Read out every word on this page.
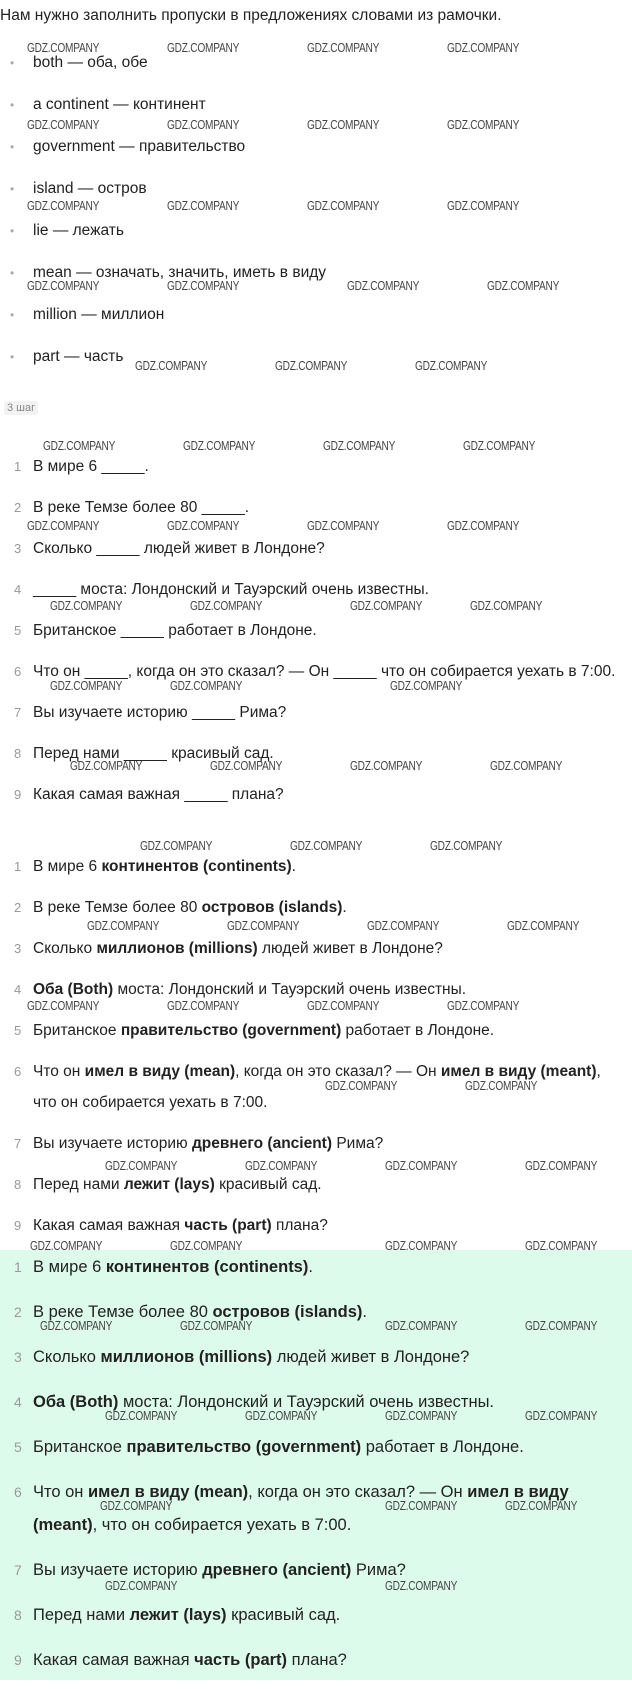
Нам нужно заполнить пропуски в предложениях словами из рамочки.
• both — оба, обе
• a continent — континент
• government — правительство
• island — остров
• lie — лежать
• mean — означать, значить, иметь в виду
• million — миллион
• part — часть
3 шаг
1 В мире 6 _____.
2 В реке Темзе более 80 _____.
3 Сколько _____ людей живет в Лондоне?
4 _____ моста: Лондонский и Тауэрский очень известны.
5 Британское _____ работает в Лондоне.
6 Что он _____, когда он это сказал? — Он _____ что он собирается уехать в 7:00.
7 Вы изучаете историю _____ Рима?
8 Перед нами _____ красивый сад.
9 Какая самая важная _____ плана?
1 В мире 6 континентов (continents).
2 В реке Темзе более 80 островов (islands).
3 Сколько миллионов (millions) людей живет в Лондоне?
4 Оба (Both) моста: Лондонский и Тауэрский очень известны.
5 Британское правительство (government) работает в Лондоне.
6 Что он имел в виду (mean), когда он это сказал? — Он имел в виду (meant), что он собирается уехать в 7:00.
7 Вы изучаете историю древнего (ancient) Рима?
8 Перед нами лежит (lays) красивый сад.
9 Какая самая важная часть (part) плана?
1 В мире 6 континентов (continents).
2 В реке Темзе более 80 островов (islands).
3 Сколько миллионов (millions) людей живет в Лондоне?
4 Оба (Both) моста: Лондонский и Тауэрский очень известны.
5 Британское правительство (government) работает в Лондоне.
6 Что он имел в виду (mean), когда он это сказал? — Он имел в виду (meant), что он собирается уехать в 7:00.
7 Вы изучаете историю древнего (ancient) Рима?
8 Перед нами лежит (lays) красивый сад.
9 Какая самая важная часть (part) плана?
GDZ.COMPANY	GDZ.COMPANY	GDZ.COMPANY	GDZ.COMPANY
GDZ.COMPANY	GDZ.COMPANY	GDZ.COMPANY	GDZ.COMPANY
GDZ.COMPANY	GDZ.COMPANY	GDZ.COMPANY	GDZ.COMPANY
GDZ.COMPANY	GDZ.COMPANY	GDZ.COMPANY	GDZ.COMPANY
GDZ.COMPANY	GDZ.COMPANY	GDZ.COMPANY
GDZ.COMPANY	GDZ.COMPANY	GDZ.COMPANY	GDZ.COMPANY
GDZ.COMPANY	GDZ.COMPANY	GDZ.COMPANY	GDZ.COMPANY
GDZ.COMPANY	GDZ.COMPANY	GDZ.COMPANY	GDZ.COMPANY
GDZ.COMPANY	GDZ.COMPANY	GDZ.COMPANY
GDZ.COMPANY	GDZ.COMPANY	GDZ.COMPANY	GDZ.COMPANY
GDZ.COMPANY	GDZ.COMPANY	GDZ.COMPANY
GDZ.COMPANY	GDZ.COMPANY	GDZ.COMPANY	GDZ.COMPANY
GDZ.COMPANY	GDZ.COMPANY	GDZ.COMPANY	GDZ.COMPANY
GDZ.COMPANY	GDZ.COMPANY
GDZ.COMPANY	GDZ.COMPANY	GDZ.COMPANY	GDZ.COMPANY
GDZ.COMPANY	GDZ.COMPANY	GDZ.COMPANY	GDZ.COMPANY
GDZ.COMPANY	GDZ.COMPANY	GDZ.COMPANY	GDZ.COMPANY
GDZ.COMPANY	GDZ.COMPANY	GDZ.COMPANY	GDZ.COMPANY
GDZ.COMPANY	GDZ.COMPANY	GDZ.COMPANY
GDZ.COMPANY	GDZ.COMPANY
